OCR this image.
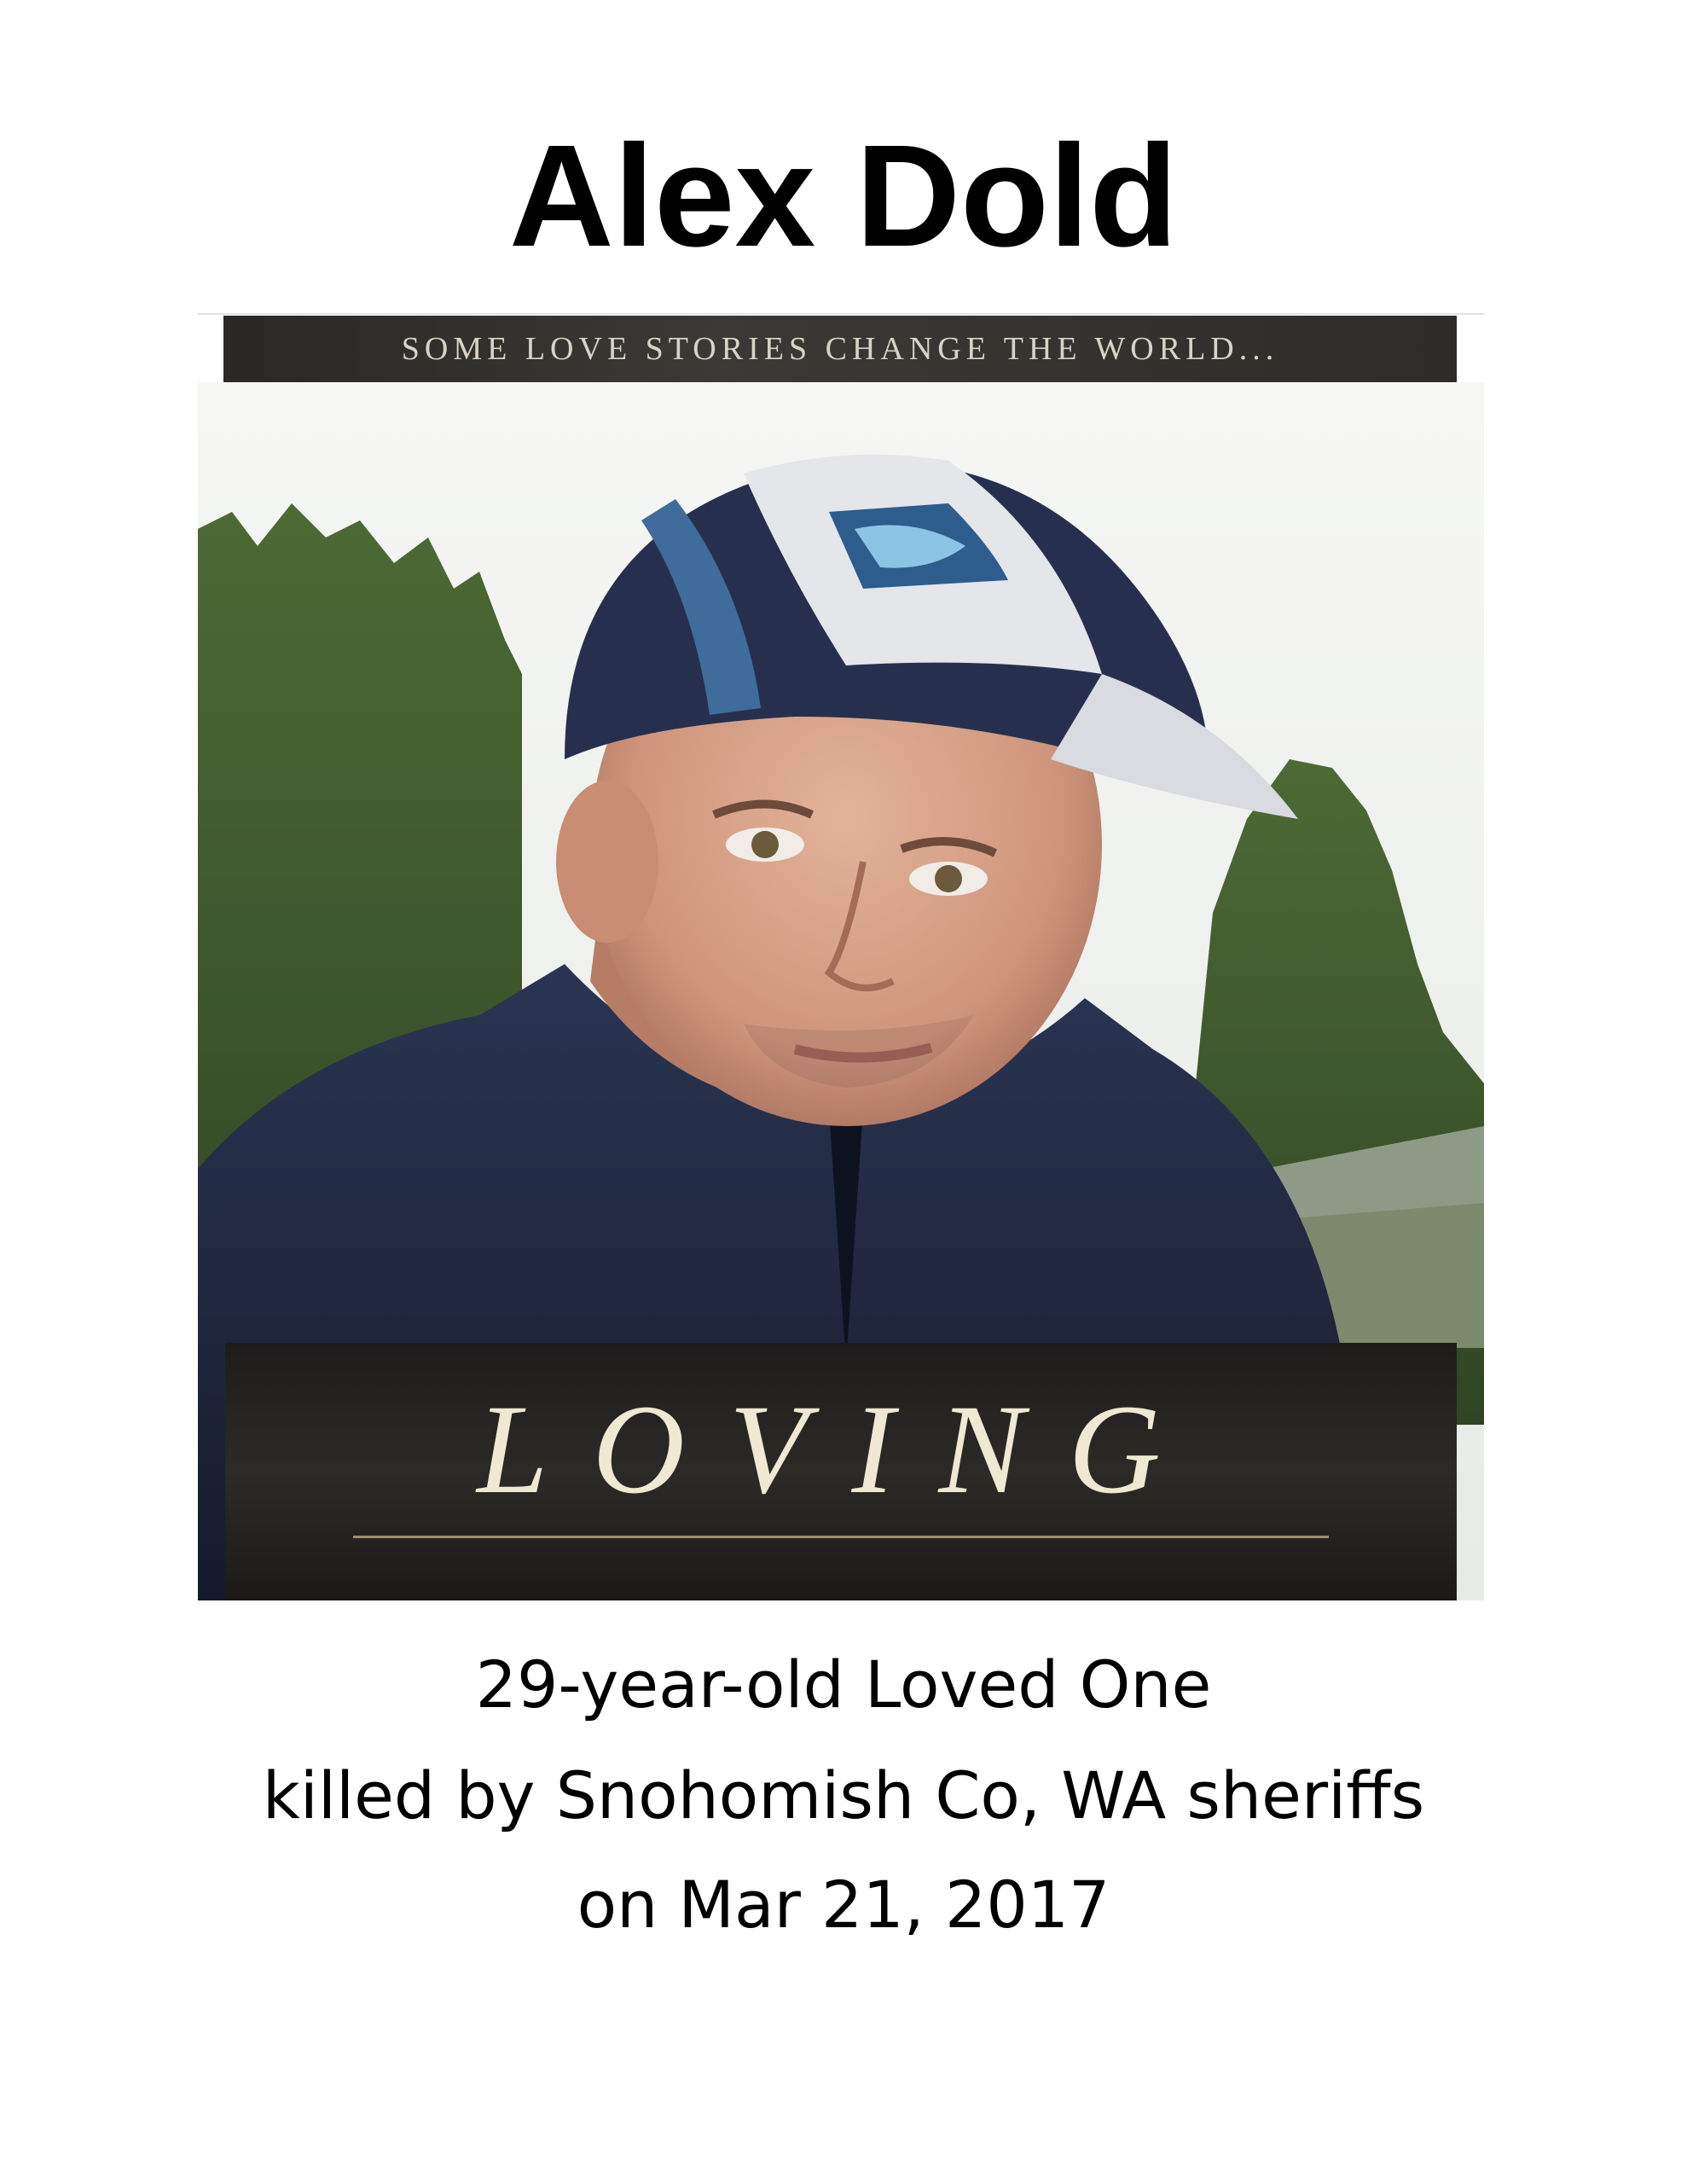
Alex Dold
SOME LOVE STORIES CHANGE THE WORLD...
LOVING
29-year-old Loved One
killed by Snohomish Co, WA sheriffs
on Mar 21, 2017
